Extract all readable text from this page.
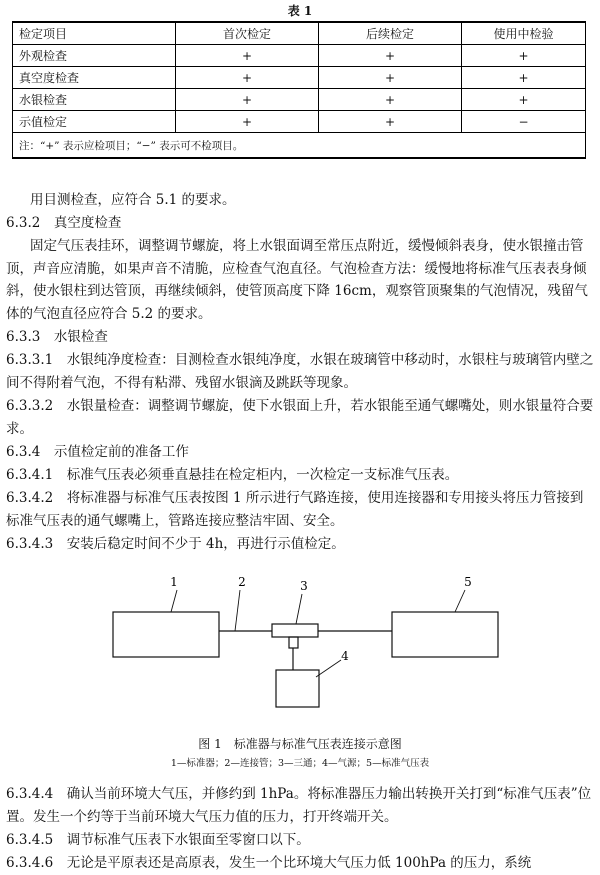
表 1
检定项目	首次检定	后续检定	使用中检验
外观检查	+	+	+
真空度检查	+	+	+
水银检查	+	+	+
示值检定	+	+	−
注：“+” 表示应检项目；“−” 表示可不检项目。			
用目测检查，应符合 5.1 的要求。
6.3.2　真空度检查
固定气压表挂环，调整调节螺旋，将上水银面调至常压点附近，缓慢倾斜表身，使水银撞击管顶，声音应清脆，如果声音不清脆，应检查气泡直径。气泡检查方法：缓慢地将标准气压表表身倾斜，使水银柱到达管顶，再继续倾斜，使管顶高度下降 16cm，观察管顶聚集的气泡情况，残留气体的气泡直径应符合 5.2 的要求。
6.3.3　水银检查
6.3.3.1　水银纯净度检查：目测检查水银纯净度，水银在玻璃管中移动时，水银柱与玻璃管内壁之间不得附着气泡，不得有粘滞、残留水银滴及跳跃等现象。
6.3.3.2　水银量检查：调整调节螺旋，使下水银面上升，若水银能至通气螺嘴处，则水银量符合要求。
6.3.4　示值检定前的准备工作
6.3.4.1　标准气压表必须垂直悬挂在检定柜内，一次检定一支标准气压表。
6.3.4.2　将标准器与标准气压表按图 1 所示进行气路连接，使用连接器和专用接头将压力管接到标准气压表的通气螺嘴上，管路连接应整洁牢固、安全。
6.3.4.3　安装后稳定时间不少于 4h，再进行示值检定。
1	2	3
4
5
图 1　标准器与标准气压表连接示意图
1—标准器；2—连接管；3—三通；4—气源；5—标准气压表
6.3.4.4　确认当前环境大气压，并修约到 1hPa。将标准器压力输出转换开关打到“标准气压表”位置。发生一个约等于当前环境大气压力值的压力，打开终端开关。
6.3.4.5　调节标准气压表下水银面至零窗口以下。
6.3.4.6　无论是平原表还是高原表，发生一个比环境大气压力低 100hPa 的压力，系统
